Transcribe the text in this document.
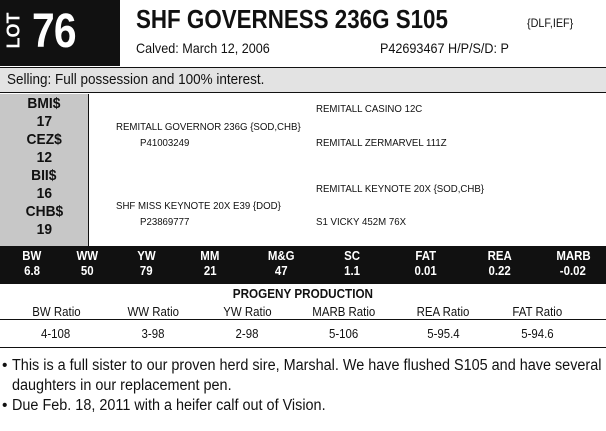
LOT 76 SHF GOVERNESS 236G S105	{DLF,IEF}
Calved: March 12, 2006	P42693467 H/P/S/D: P
Selling: Full possession and 100% interest.
BMI$
17
CEZ$
12
BII$
16
CHB$
19
REMITALL CASINO 12C
REMITALL GOVERNOR 236G {SOD,CHB}
P41003249	REMITALL ZERMARVEL 111Z
REMITALL KEYNOTE 20X {SOD,CHB}
SHF MISS KEYNOTE 20X E39 {DOD}
P23869777	S1 VICKY 452M 76X
BW
6.8
WW
50
YW
79
MM
21
M&G
47
SC
1.1
FAT
0.01
REA
0.22
MARB
-0.02
PROGENY PRODUCTION
BW Ratio	WW Ratio	YW Ratio	MARB Ratio	REA Ratio	FAT Ratio
4-108	3-98	2-98	5-106	5-95.4	5-94.6
• This is a full sister to our proven herd sire, Marshal. We have flushed S105 and have several daughters in our replacement pen.
• Due Feb. 18, 2011 with a heifer calf out of Vision.
